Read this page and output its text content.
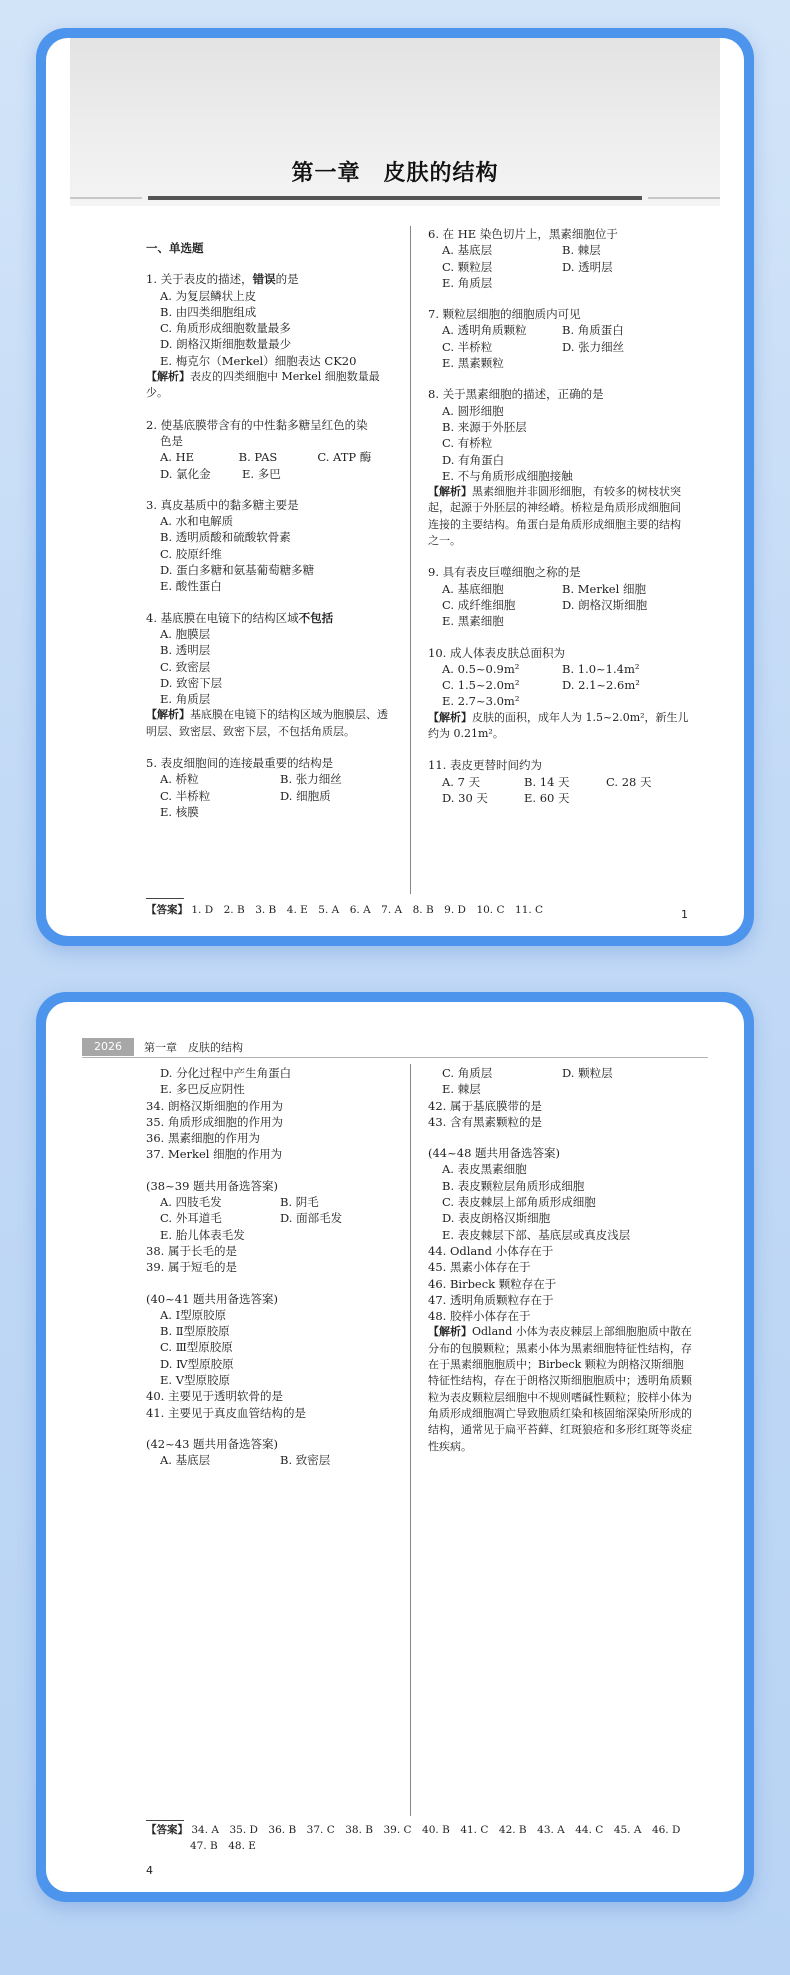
第一章　皮肤的结构

一、单选题

1. 关于表皮的描述，错误的是

A. 为复层鳞状上皮

B. 由四类细胞组成

C. 角质形成细胞数量最多

D. 朗格汉斯细胞数量最少

E. 梅克尔（Merkel）细胞表达 CK20

【解析】表皮的四类细胞中 Merkel 细胞数量最少。

2. 使基底膜带含有的中性黏多糖呈红色的染

色是

A. HE	B. PAS	C. ATP 酶
D. 氯化金	E. 多巴

3. 真皮基质中的黏多糖主要是

A. 水和电解质

B. 透明质酸和硫酸软骨素

C. 胶原纤维

D. 蛋白多糖和氨基葡萄糖多糖

E. 酸性蛋白

4. 基底膜在电镜下的结构区域不包括

A. 胞膜层

B. 透明层

C. 致密层

D. 致密下层

E. 角质层

【解析】基底膜在电镜下的结构区域为胞膜层、透明层、致密层、致密下层，不包括角质层。

5. 表皮细胞间的连接最重要的结构是

A. 桥粒	B. 张力细丝
C. 半桥粒	D. 细胞质
E. 核膜

6. 在 HE 染色切片上，黑素细胞位于

A. 基底层	B. 棘层
C. 颗粒层	D. 透明层
E. 角质层

7. 颗粒层细胞的细胞质内可见

A. 透明角质颗粒	B. 角质蛋白
C. 半桥粒	D. 张力细丝
E. 黑素颗粒

8. 关于黑素细胞的描述，正确的是

A. 圆形细胞

B. 来源于外胚层

C. 有桥粒

D. 有角蛋白

E. 不与角质形成细胞接触

【解析】黑素细胞并非圆形细胞，有较多的树枝状突起，起源于外胚层的神经嵴。桥粒是角质形成细胞间连接的主要结构。角蛋白是角质形成细胞主要的结构之一。

9. 具有表皮巨噬细胞之称的是

A. 基底细胞	B. Merkel 细胞
C. 成纤维细胞	D. 朗格汉斯细胞
E. 黑素细胞

10. 成人体表皮肤总面积为

A. 0.5~0.9m²	B. 1.0~1.4m²
C. 1.5~2.0m²	D. 2.1~2.6m²
E. 2.7~3.0m²

【解析】皮肤的面积，成年人为 1.5~2.0m²，新生儿约为 0.21m²。

11. 表皮更替时间约为

A. 7 天	B. 14 天	C. 28 天
D. 30 天	E. 60 天
【答案】 1. D　2. B　3. B　4. E　5. A　6. A　7. A　8. B　9. D　10. C　11. C	1
2026	第一章　皮肤的结构

D. 分化过程中产生角蛋白

E. 多巴反应阴性

34. 朗格汉斯细胞的作用为

35. 角质形成细胞的作用为

36. 黑素细胞的作用为

37. Merkel 细胞的作用为

(38~39 题共用备选答案)

A. 四肢毛发	B. 阴毛
C. 外耳道毛	D. 面部毛发
E. 胎儿体表毛发

38. 属于长毛的是

39. 属于短毛的是

(40~41 题共用备选答案)

A. Ⅰ型原胶原

B. Ⅱ型原胶原

C. Ⅲ型原胶原

D. Ⅳ型原胶原

E. Ⅴ型原胶原

40. 主要见于透明软骨的是

41. 主要见于真皮血管结构的是

(42~43 题共用备选答案)

A. 基底层	B. 致密层
C. 角质层	D. 颗粒层

E. 棘层

42. 属于基底膜带的是

43. 含有黑素颗粒的是

(44~48 题共用备选答案)

A. 表皮黑素细胞

B. 表皮颗粒层角质形成细胞

C. 表皮棘层上部角质形成细胞

D. 表皮朗格汉斯细胞

E. 表皮棘层下部、基底层或真皮浅层

44. Odland 小体存在于

45. 黑素小体存在于

46. Birbeck 颗粒存在于

47. 透明角质颗粒存在于

48. 胶样小体存在于

【解析】Odland 小体为表皮棘层上部细胞胞质中散在分布的包膜颗粒；黑素小体为黑素细胞特征性结构，存在于黑素细胞胞质中；Birbeck 颗粒为朗格汉斯细胞特征性结构，存在于朗格汉斯细胞胞质中；透明角质颗粒为表皮颗粒层细胞中不规则嗜碱性颗粒；胶样小体为角质形成细胞凋亡导致胞质红染和核固缩深染所形成的结构，通常见于扁平苔藓、红斑狼疮和多形红斑等炎症性疾病。

【答案】 34. A　35. D　36. B　37. C　38. B　39. C　40. B　41. C　42. B　43. A　44. C　45. A　46. D
47. B　48. E
4
